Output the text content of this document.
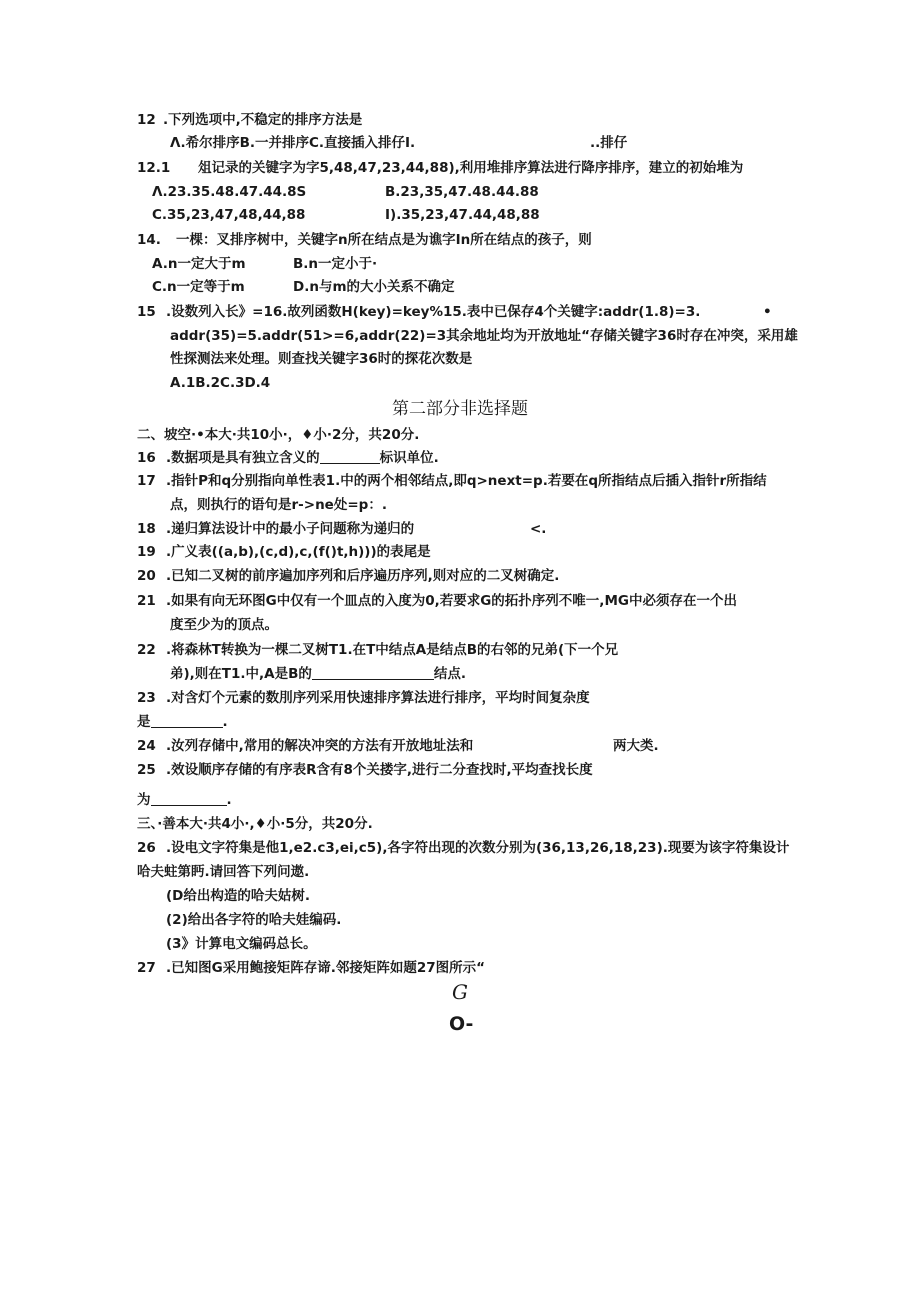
12 .下列选项中,不稳定的排序方法是
Λ.希尔排序B.一并排序C.直接插入排仔I.	..排仔
12.1 俎记录的关键字为字5,48,47,23,44,88),利用堆排序算法进行降序排序，建立的初始堆为
Λ.23.35.48.47.44.8S	B.23,35,47.48.44.88
C.35,23,47,48,44,88	I).35,23,47.44,48,88
14. 一棵：叉排序树中，关键字n所在结点是为谯字In所在结点的孩子，则
A.n一定大于m	B.n一定小于·
C.n一定等于m	D.n与m的大小关系不确定
15 .设数列入长》=16.故列函数H(key)=key%15.表中已保存4个关键字:addr(1.8)=3.	•
addr(35)=5.addr(51>=6,addr(22)=3其余地址均为开放地址“存储关键字36时存在冲突，采用雄
性探测法来处理。则查找关键字36时的探花次数是
A.1B.2C.3D.4
第二部分非选择题
二、坡空·•本大·共10小·，♦小·2分，共20分.
16 .数据项是具有独立含义的	标识单位.
17 .指针P和q分别指向单性表1.中的两个相邻结点,即q>next=p.若要在q所指结点后插入指针r所指结
点，则执行的语句是r->ne处=p：.
18 .递归算法设计中的最小子问题称为递归的	<.
19 .广义表((a,b),(c,d),c,(f()t,h)))的表尾是
20 .已知二叉树的前序遍加序列和后序遍历序列,则对应的二叉树确定.
21 .如果有向无环图G中仅有一个皿点的入度为0,若要求G的拓扑序列不唯一,MG中必须存在一个出
度至少为的顶点。
22 .将森林T转换为一棵二叉树T1.在T中结点A是结点B的右邻的兄弟(下一个兄
弟),则在T1.中,A是B的	结点.
23 .对含灯个元素的数刖序列采用快速排序算法进行排序，平均时间复杂度
是	.
24 .汝列存储中,常用的解决冲突的方法有开放地址法和	两大类.
25 .效设顺序存储的有序表R含有8个关搂字,进行二分查找时,平均查找长度
为	.
三、·善本大·共4小·,♦小·5分，共20分.
26 .设电文字符集是他1,e2.c3,ei,c5),各字符出现的次数分别为(36,13,26,18,23).现要为该字符集设计
哈夫蛀第眄.请回答下列问遨.
(D给出构造的哈夫姑树.
(2)给出各字符的哈夫娃编码.
(3》计算电文编码总长。
27 .已知图G采用鲍接矩阵存谛.邻接矩阵如题27图所示“
G
O-
